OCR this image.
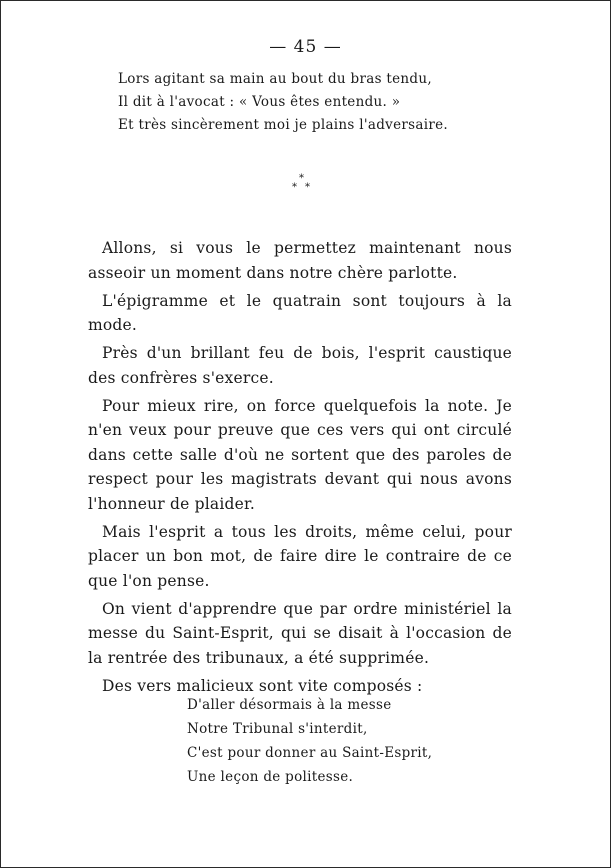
— 45 —
Lors agitant sa main au bout du bras tendu,
Il dit à l'avocat : « Vous êtes entendu. »
Et très sincèrement moi je plains l'adversaire.
*
* *

Allons, si vous le permettez maintenant nous asseoir un moment dans notre chère parlotte.

L'épigramme et le quatrain sont toujours à la mode.

Près d'un brillant feu de bois, l'esprit caustique des confrères s'exerce.

Pour mieux rire, on force quelquefois la note. Je n'en veux pour preuve que ces vers qui ont circulé dans cette salle d'où ne sortent que des paroles de respect pour les magistrats devant qui nous avons l'honneur de plaider.

Mais l'esprit a tous les droits, même celui, pour placer un bon mot, de faire dire le contraire de ce que l'on pense.

On vient d'apprendre que par ordre ministériel la messe du Saint-Esprit, qui se disait à l'occasion de la rentrée des tribunaux, a été supprimée.

Des vers malicieux sont vite composés :

D'aller désormais à la messe
Notre Tribunal s'interdit,
C'est pour donner au Saint-Esprit,
Une leçon de politesse.
